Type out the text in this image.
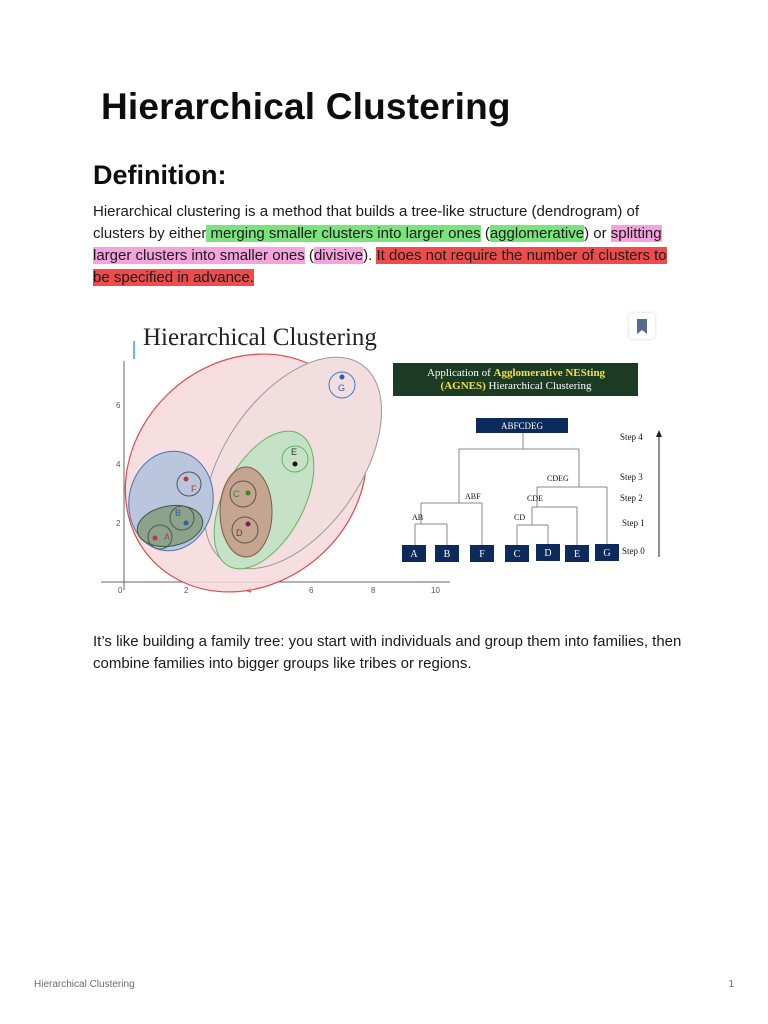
Hierarchical Clustering
Definition:

Hierarchical clustering is a method that builds a tree-like structure (dendrogram) of clusters by either merging smaller clusters into larger ones (agglomerative) or splitting larger clusters into smaller ones (divisive). It does not require the number of clusters to be specified in advance.

Hierarchical Clustering
0	2	6	8	10
2
4
6
A
B
C
D
E
F
G
Application of Agglomerative NESting
(AGNES) Hierarchical Clustering
ABFCDEG
CDEG
ABF	CDE
AB	CD
A	B	F	C D E G
Step 4
Step 3
Step 2
Step 1
Step 0

It’s like building a family tree: you start with individuals and group them into families, then combine families into bigger groups like tribes or regions.

Hierarchical Clustering	1
